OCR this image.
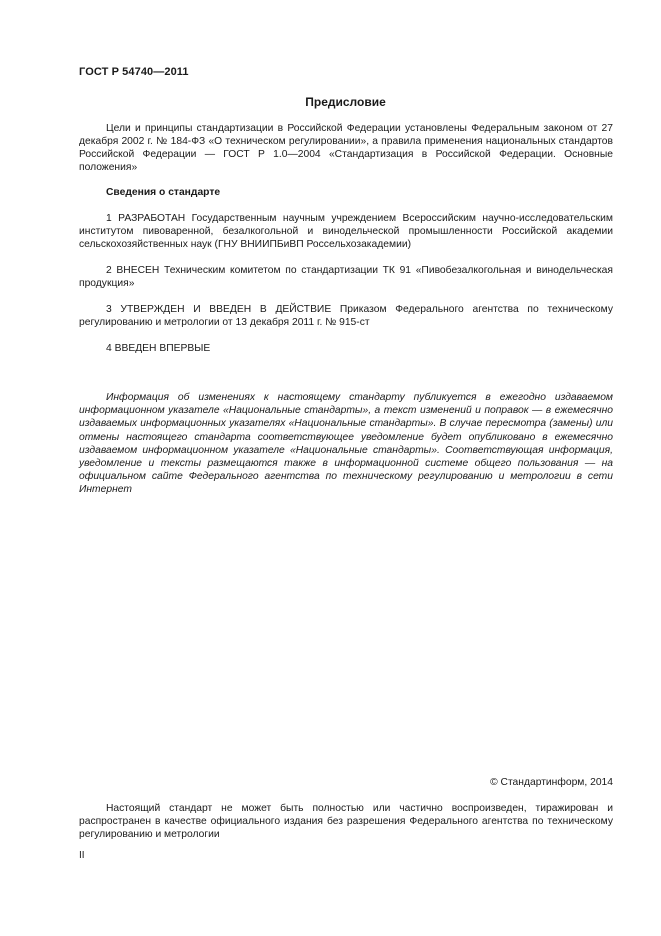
ГОСТ Р 54740—2011
Предисловие

Цели и принципы стандартизации в Российской Федерации установлены Федеральным законом от 27 декабря 2002 г. № 184-ФЗ «О техническом регулировании», а правила применения национальных стандартов Российской Федерации — ГОСТ Р 1.0—2004 «Стандартизация в Российской Федерации. Основные положения»

Сведения о стандарте

1 РАЗРАБОТАН Государственным научным учреждением Всероссийским научно-исследовательским институтом пивоваренной, безалкогольной и винодельческой промышленности Российской академии сельскохозяйственных наук (ГНУ ВНИИПБиВП Россельхозакадемии)

2 ВНЕСЕН Техническим комитетом по стандартизации ТК 91 «Пивобезалкогольная и винодельческая продукция»

3 УТВЕРЖДЕН И ВВЕДЕН В ДЕЙСТВИЕ Приказом Федерального агентства по техническому регулированию и метрологии от 13 декабря 2011 г. № 915-ст

4 ВВЕДЕН ВПЕРВЫЕ

Информация об изменениях к настоящему стандарту публикуется в ежегодно издаваемом информационном указателе «Национальные стандарты», а текст изменений и поправок — в ежемесячно издаваемых информационных указателях «Национальные стандарты». В случае пересмотра (замены) или отмены настоящего стандарта соответствующее уведомление будет опубликовано в ежемесячно издаваемом информационном указателе «Национальные стандарты». Соответствующая информация, уведомление и тексты размещаются также в информационной системе общего пользования — на официальном сайте Федерального агентства по техническому регулированию и метрологии в сети Интернет

© Стандартинформ, 2014

Настоящий стандарт не может быть полностью или частично воспроизведен, тиражирован и распространен в качестве официального издания без разрешения Федерального агентства по техническому регулированию и метрологии

II
